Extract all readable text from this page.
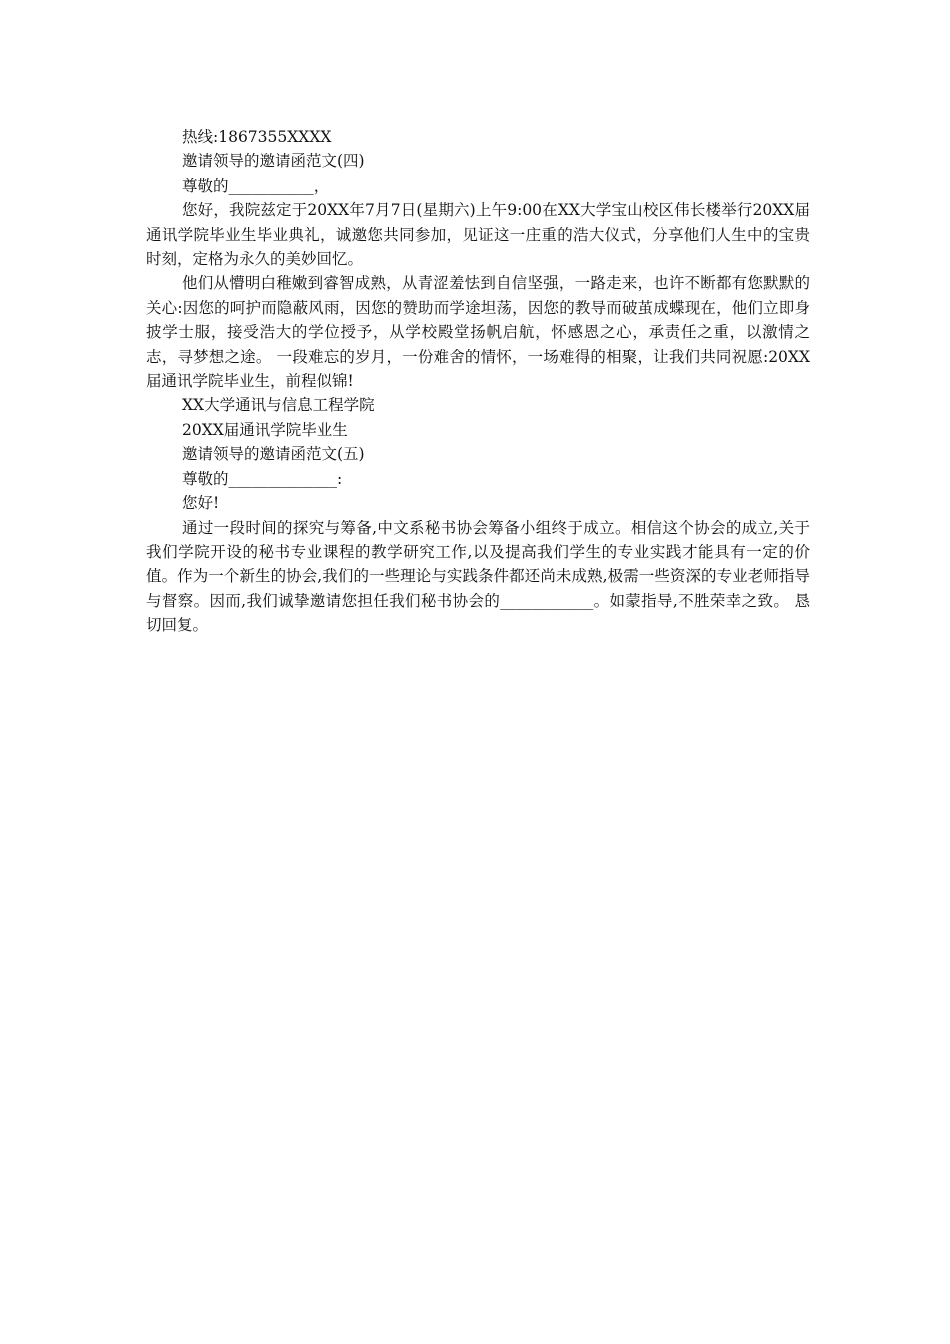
热线:1867355XXXX

邀请领导的邀请函范文(四)

尊敬的___________，

您好，我院兹定于20XX年7月7日(星期六)上午9:00在XX大学宝山校区伟长楼举行20XX届通讯学院毕业生毕业典礼，诚邀您共同参加，见证这一庄重的浩大仪式，分享他们人生中的宝贵时刻，定格为永久的美妙回忆。

他们从懵明白稚嫩到睿智成熟，从青涩羞怯到自信坚强，一路走来，也许不断都有您默默的关心:因您的呵护而隐蔽风雨，因您的赞助而学途坦荡，因您的教导而破茧成蝶现在，他们立即身披学士服，接受浩大的学位授予，从学校殿堂扬帆启航，怀感恩之心，承责任之重，以激情之志，寻梦想之途。 一段难忘的岁月，一份难舍的情怀，一场难得的相聚，让我们共同祝愿:20XX届通讯学院毕业生，前程似锦!

XX大学通讯与信息工程学院

20XX届通讯学院毕业生

邀请领导的邀请函范文(五)

尊敬的______________:

您好!

通过一段时间的探究与筹备,中文系秘书协会筹备小组终于成立。相信这个协会的成立,关于我们学院开设的秘书专业课程的教学研究工作,以及提高我们学生的专业实践才能具有一定的价值。作为一个新生的协会,我们的一些理论与实践条件都还尚未成熟,极需一些资深的专业老师指导与督察。因而,我们诚挚邀请您担任我们秘书协会的____________。如蒙指导,不胜荣幸之致。 恳切回复。
